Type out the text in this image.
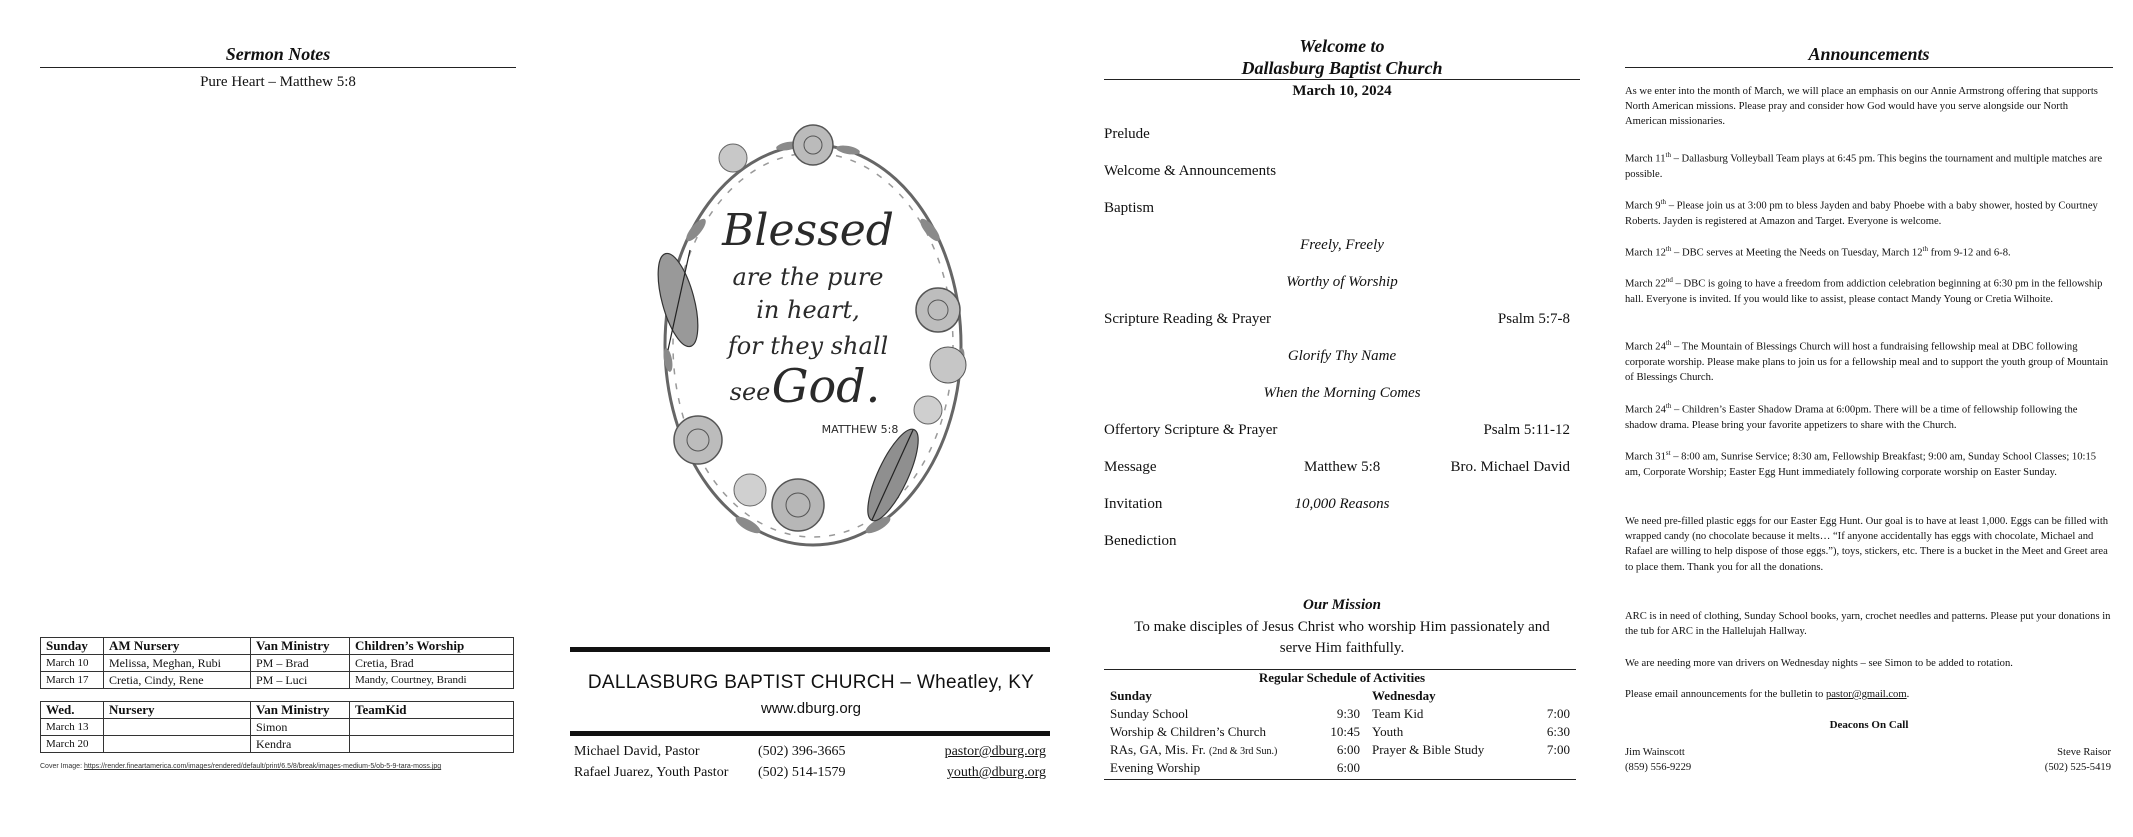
Sermon Notes
Pure Heart – Matthew 5:8
Sunday	AM Nursery	Van Ministry	Children’s Worship
March 10	Melissa, Meghan, Rubi	PM – Brad	Cretia, Brad
March 17	Cretia, Cindy, Rene	PM – Luci	Mandy, Courtney, Brandi
Wed.	Nursery	Van Ministry	TeamKid
March 13		Simon	
March 20		Kendra	
Cover Image: https://render.fineartamerica.com/images/rendered/default/print/6.5/8/break/images-medium-5/ob-5-9-tara-moss.jpg
Blessed
are the pure
in heart,
for they shall
see God.
MATTHEW 5:8
DALLASBURG BAPTIST CHURCH – Wheatley, KY
www.dburg.org
Michael David, Pastor	(502) 396-3665	pastor@dburg.org
Rafael Juarez, Youth Pastor (502) 514-1579	youth@dburg.org
Welcome to
Dallasburg Baptist Church
March 10, 2024
Prelude
Welcome & Announcements
Baptism
Freely, Freely
Worthy of Worship
Scripture Reading & Prayer	Psalm 5:7-8
Glorify Thy Name
When the Morning Comes
Offertory Scripture & Prayer	Psalm 5:11-12
Message	Matthew 5:8	Bro. Michael David
Invitation	10,000 Reasons
Benediction
Our Mission
To make disciples of Jesus Christ who worship Him passionately and serve Him faithfully.
Regular Schedule of Activities
Sunday
Sunday School	9:30
Worship & Children’s Church	10:45
RAs, GA, Mis. Fr. (2nd & 3rd Sun.)	6:00
Evening Worship	6:00
Wednesday
Team Kid	7:00
Youth	6:30
Prayer & Bible Study	7:00
Announcements

As we enter into the month of March, we will place an emphasis on our Annie Armstrong offering that supports North American missions. Please pray and consider how God would have you serve alongside our North American missionaries.

March 11th – Dallasburg Volleyball Team plays at 6:45 pm. This begins the tournament and multiple matches are possible.

March 9th – Please join us at 3:00 pm to bless Jayden and baby Phoebe with a baby shower, hosted by Courtney Roberts. Jayden is registered at Amazon and Target. Everyone is welcome.

March 12th – DBC serves at Meeting the Needs on Tuesday, March 12th from 9-12 and 6-8.

March 22nd – DBC is going to have a freedom from addiction celebration beginning at 6:30 pm in the fellowship hall. Everyone is invited. If you would like to assist, please contact Mandy Young or Cretia Wilhoite.

March 24th – The Mountain of Blessings Church will host a fundraising fellowship meal at DBC following corporate worship. Please make plans to join us for a fellowship meal and to support the youth group of Mountain of Blessings Church.

March 24th – Children’s Easter Shadow Drama at 6:00pm. There will be a time of fellowship following the shadow drama. Please bring your favorite appetizers to share with the Church.

March 31st – 8:00 am, Sunrise Service; 8:30 am, Fellowship Breakfast; 9:00 am, Sunday School Classes; 10:15 am, Corporate Worship; Easter Egg Hunt immediately following corporate worship on Easter Sunday.

We need pre-filled plastic eggs for our Easter Egg Hunt. Our goal is to have at least 1,000. Eggs can be filled with wrapped candy (no chocolate because it melts… “If anyone accidentally has eggs with chocolate, Michael and Rafael are willing to help dispose of those eggs.”), toys, stickers, etc. There is a bucket in the Meet and Greet area to place them. Thank you for all the donations.

ARC is in need of clothing, Sunday School books, yarn, crochet needles and patterns. Please put your donations in the tub for ARC in the Hallelujah Hallway.

We are needing more van drivers on Wednesday nights – see Simon to be added to rotation.

Please email announcements for the bulletin to pastor@gmail.com.

Deacons On Call
Jim Wainscott
(859) 556-9229
Steve Raisor
(502) 525-5419
